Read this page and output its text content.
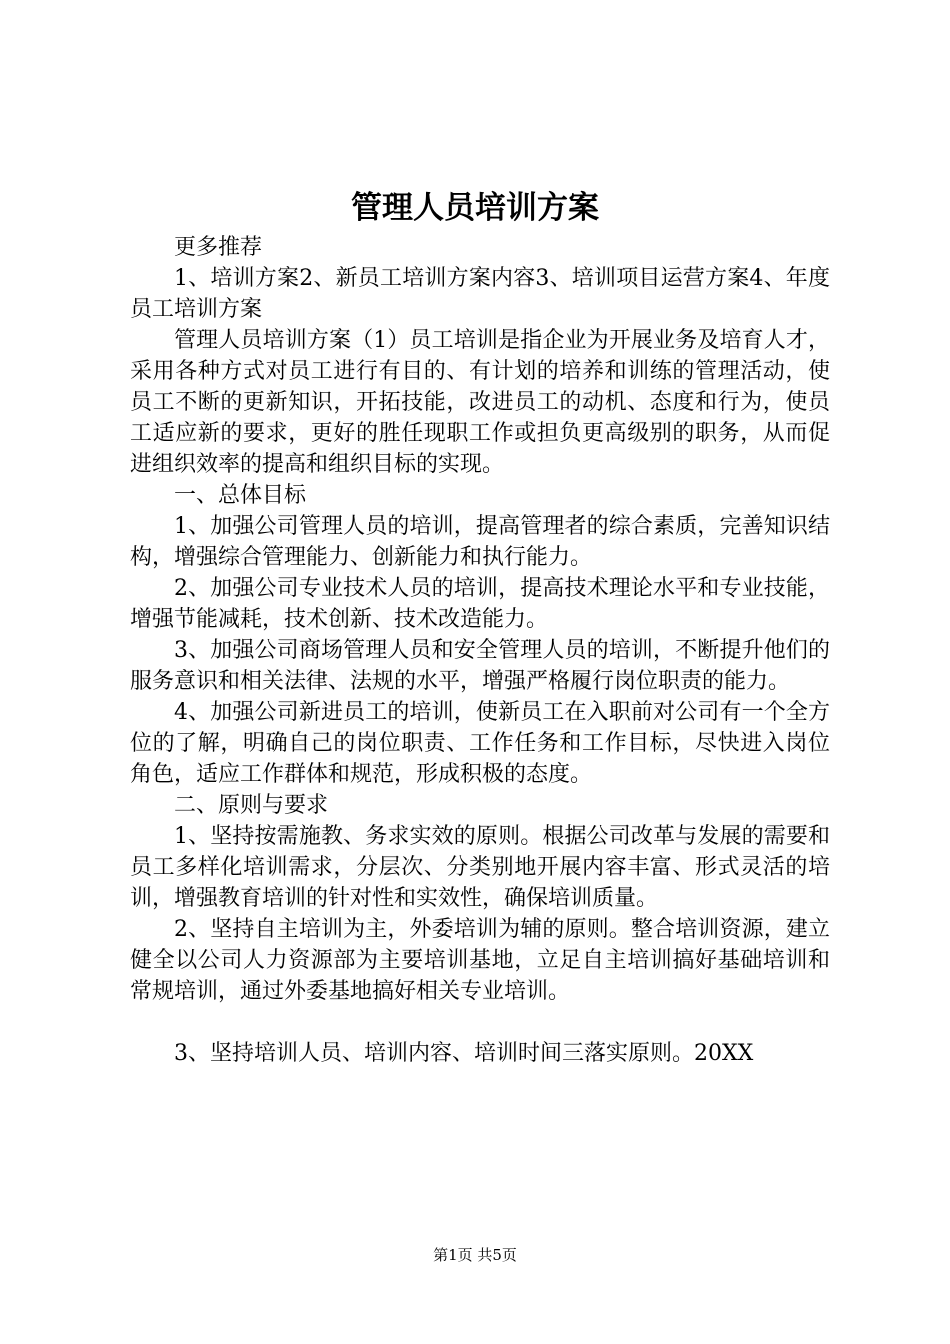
管理人员培训方案

更多推荐

1、培训方案2、新员工培训方案内容3、培训项目运营方案4、年度员工培训方案

管理人员培训方案（1）员工培训是指企业为开展业务及培育人才，采用各种方式对员工进行有目的、有计划的培养和训练的管理活动，使员工不断的更新知识，开拓技能，改进员工的动机、态度和行为，使员工适应新的要求，更好的胜任现职工作或担负更高级别的职务，从而促进组织效率的提高和组织目标的实现。

一、总体目标

1、加强公司管理人员的培训，提高管理者的综合素质，完善知识结构，增强综合管理能力、创新能力和执行能力。

2、加强公司专业技术人员的培训，提高技术理论水平和专业技能，增强节能减耗，技术创新、技术改造能力。

3、加强公司商场管理人员和安全管理人员的培训，不断提升他们的服务意识和相关法律、法规的水平，增强严格履行岗位职责的能力。

4、加强公司新进员工的培训，使新员工在入职前对公司有一个全方位的了解，明确自己的岗位职责、工作任务和工作目标，尽快进入岗位角色，适应工作群体和规范，形成积极的态度。

二、原则与要求

1、坚持按需施教、务求实效的原则。根据公司改革与发展的需要和员工多样化培训需求，分层次、分类别地开展内容丰富、形式灵活的培训，增强教育培训的针对性和实效性，确保培训质量。

2、坚持自主培训为主，外委培训为辅的原则。整合培训资源，建立健全以公司人力资源部为主要培训基地，立足自主培训搞好基础培训和常规培训，通过外委基地搞好相关专业培训。

3、坚持培训人员、培训内容、培训时间三落实原则。20XX

第1页 共5页
